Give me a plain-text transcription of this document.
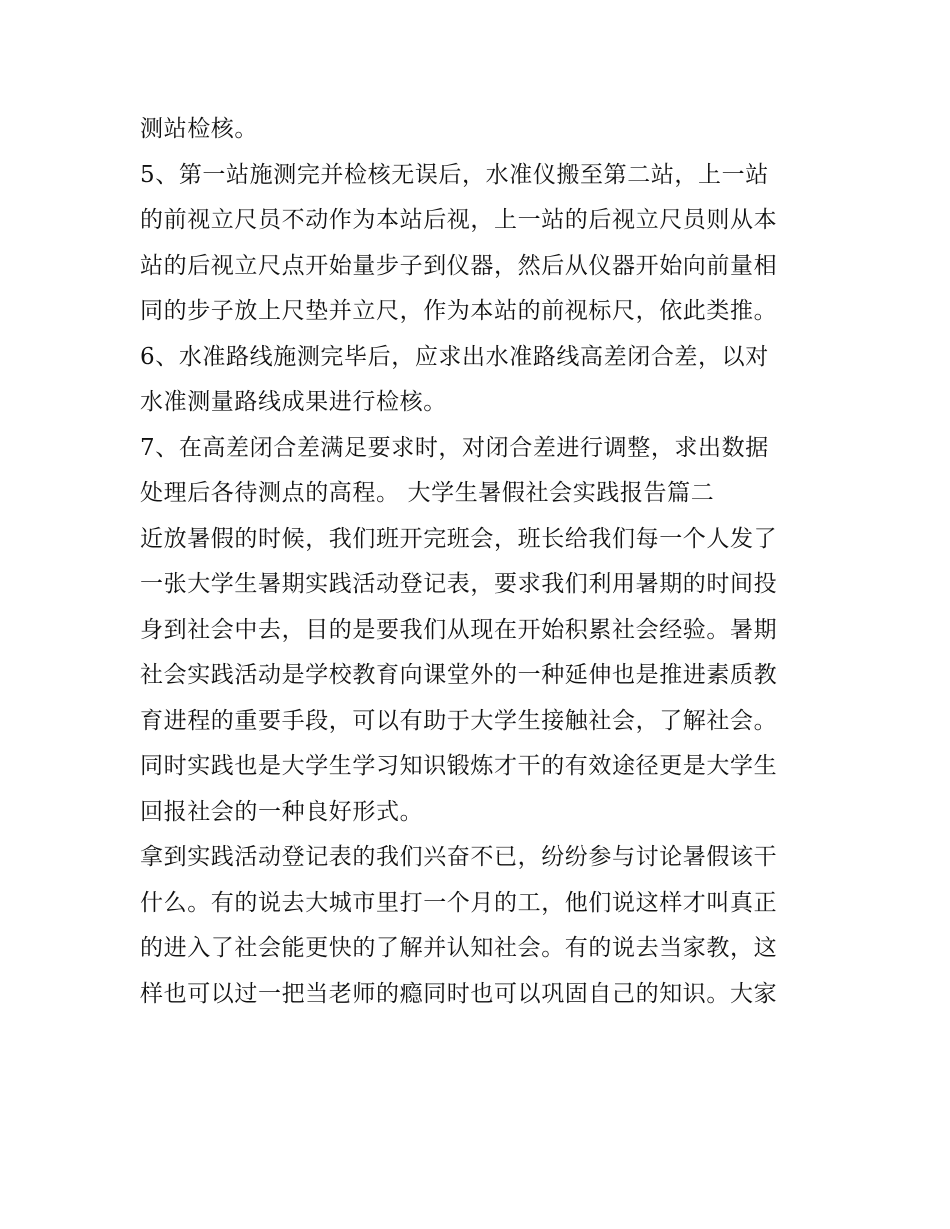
测站检核。
5、第一站施测完并检核无误后，水准仪搬至第二站，上一站
的前视立尺员不动作为本站后视，上一站的后视立尺员则从本
站的后视立尺点开始量步子到仪器，然后从仪器开始向前量相
同的步子放上尺垫并立尺，作为本站的前视标尺，依此类推。
6、水准路线施测完毕后，应求出水准路线高差闭合差，以对
水准测量路线成果进行检核。
7、在高差闭合差满足要求时，对闭合差进行调整，求出数据
处理后各待测点的高程。 大学生暑假社会实践报告篇二
近放暑假的时候，我们班开完班会，班长给我们每一个人发了
一张大学生暑期实践活动登记表，要求我们利用暑期的时间投
身到社会中去，目的是要我们从现在开始积累社会经验。暑期
社会实践活动是学校教育向课堂外的一种延伸也是推进素质教
育进程的重要手段，可以有助于大学生接触社会，了解社会。
同时实践也是大学生学习知识锻炼才干的有效途径更是大学生
回报社会的一种良好形式。
拿到实践活动登记表的我们兴奋不已，纷纷参与讨论暑假该干
什么。有的说去大城市里打一个月的工，他们说这样才叫真正
的进入了社会能更快的了解并认知社会。有的说去当家教，这
样也可以过一把当老师的瘾同时也可以巩固自己的知识。大家
